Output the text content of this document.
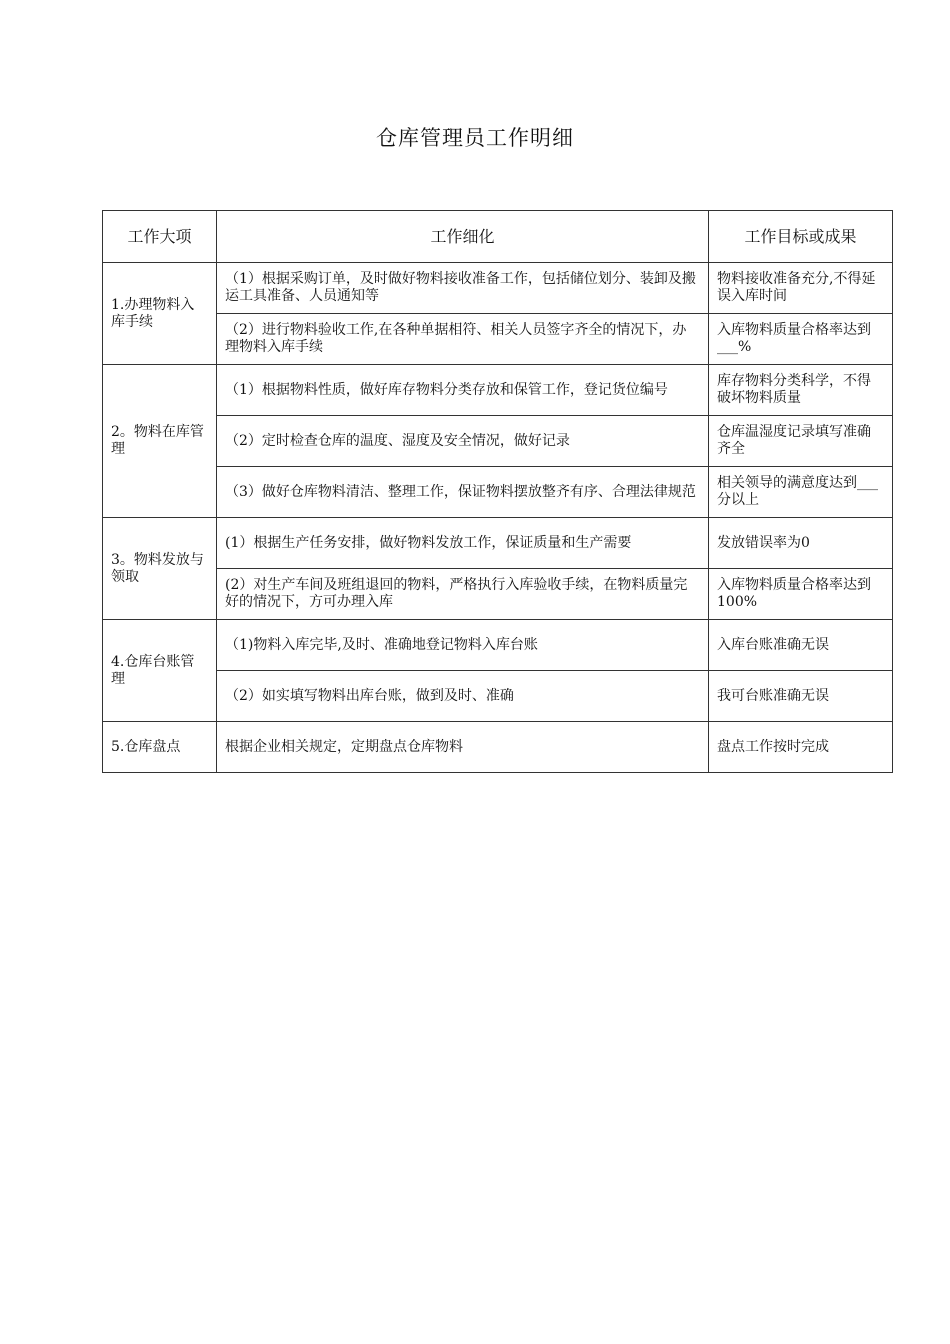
仓库管理员工作明细
工作大项	工作细化	工作目标或成果
1.办理物料入库手续	（1）根据采购订单，及时做好物料接收准备工作，包括储位划分、装卸及搬运工具准备、人员通知等	物料接收准备充分,不得延误入库时间
	（2）进行物料验收工作,在各种单据相符、相关人员签字齐全的情况下，办理物料入库手续	入库物料质量合格率达到___%
2。物料在库管理	（1）根据物料性质，做好库存物料分类存放和保管工作，登记货位编号	库存物料分类科学，不得破坏物料质量
	（2）定时检查仓库的温度、湿度及安全情况，做好记录	仓库温湿度记录填写准确齐全
	（3）做好仓库物料清洁、整理工作，保证物料摆放整齐有序、合理法律规范	相关领导的满意度达到___分以上
3。物料发放与领取	(1）根据生产任务安排，做好物料发放工作，保证质量和生产需要	发放错误率为0
	(2）对生产车间及班组退回的物料，严格执行入库验收手续，在物料质量完好的情况下，方可办理入库	入库物料质量合格率达到100%
4.仓库台账管理	（1)物料入库完毕,及时、准确地登记物料入库台账	入库台账准确无误
	（2）如实填写物料出库台账，做到及时、准确	我可台账准确无误
5.仓库盘点	根据企业相关规定，定期盘点仓库物料	盘点工作按时完成
